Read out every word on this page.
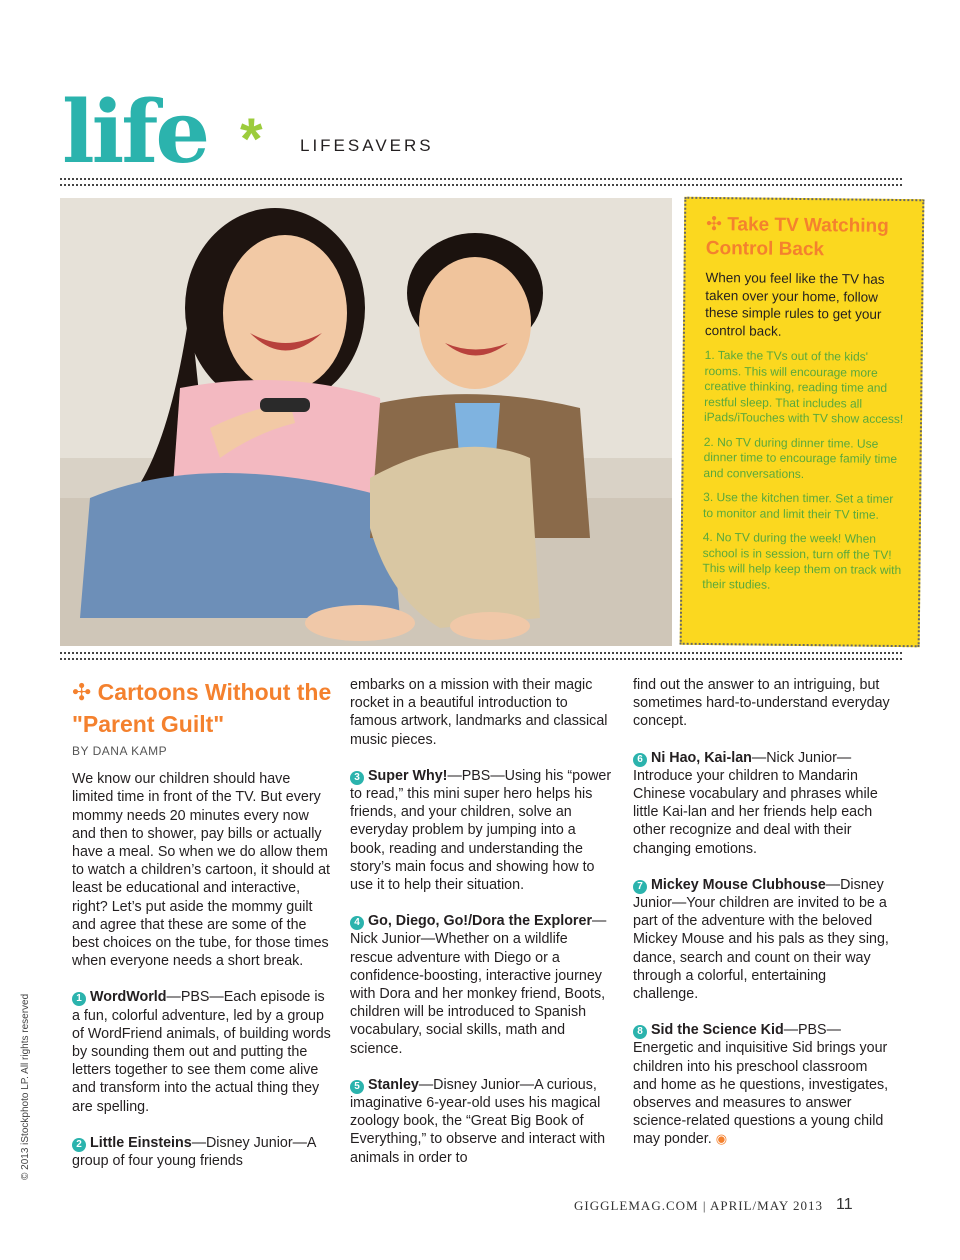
life * LIFESAVERS
✣ Take TV Watching Control Back
When you feel like the TV has taken over your home, follow these simple rules to get your control back.
1. Take the TVs out of the kids' rooms. This will encourage more creative thinking, reading time and restful sleep. That includes all iPads/iTouches with TV show access!
2. No TV during dinner time. Use dinner time to encourage family time and conversations.
3. Use the kitchen timer. Set a timer to monitor and limit their TV time.
4. No TV during the week! When school is in session, turn off the TV! This will help keep them on track with their studies.
✣ Cartoons Without the "Parent Guilt"
BY DANA KAMP
We know our children should have limited time in front of the TV. But every mommy needs 20 minutes every now and then to shower, pay bills or actually have a meal. So when we do allow them to watch a children’s cartoon, it should at least be educational and interactive, right? Let’s put aside the mommy guilt and agree that these are some of the best choices on the tube, for those times when everyone needs a short break.
1 WordWorld—PBS—Each episode is a fun, colorful adventure, led by a group of WordFriend animals, of building words by sounding them out and putting the letters together to see them come alive and transform into the actual thing they are spelling.
2 Little Einsteins—Disney Junior—A group of four young friends
embarks on a mission with their magic rocket in a beautiful introduction to famous artwork, landmarks and classical music pieces.
3 Super Why!—PBS—Using his “power to read,” this mini super hero helps his friends, and your children, solve an everyday problem by jumping into a book, reading and understanding the story’s main focus and showing how to use it to help their situation.
4 Go, Diego, Go!/Dora the Explorer—Nick Junior—Whether on a wildlife rescue adventure with Diego or a confidence-boosting, interactive journey with Dora and her monkey friend, Boots, children will be introduced to Spanish vocabulary, social skills, math and science.
5 Stanley—Disney Junior—A curious, imaginative 6-year-old uses his magical zoology book, the “Great Big Book of Everything,” to observe and interact with animals in order to
find out the answer to an intriguing, but sometimes hard-to-understand everyday concept.
6 Ni Hao, Kai-lan—Nick Junior—Introduce your children to Mandarin Chinese vocabulary and phrases while little Kai-lan and her friends help each other recognize and deal with their changing emotions.
7 Mickey Mouse Clubhouse—Disney Junior—Your children are invited to be a part of the adventure with the beloved Mickey Mouse and his pals as they sing, dance, search and count on their way through a colorful, entertaining challenge.
8 Sid the Science Kid—PBS—Energetic and inquisitive Sid brings your children into his preschool classroom and home as he questions, investigates, observes and measures to answer science-related questions a young child may ponder. ◉
© 2013 iStockphoto LP. All rights reserved
GIGGLEMAG.COM | APRIL/MAY 2013 11
